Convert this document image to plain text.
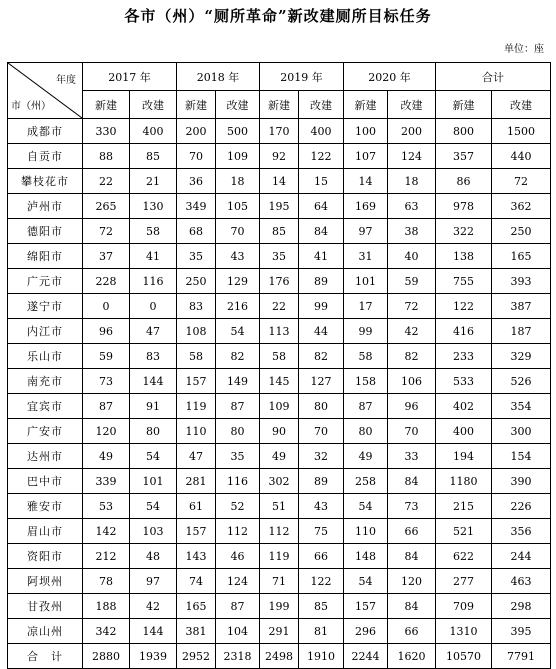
各市（州）“厕所革命”新改建厕所目标任务
单位：座
年度
市（州）	2017 年		2018 年		2019 年		2020 年		合计	
	新建	改建	新建	改建	新建	改建	新建	改建	新建	改建
成都市	330	400	200	500	170	400	100	200	800	1500
自贡市	88	85	70	109	92	122	107	124	357	440
攀枝花市	22	21	36	18	14	15	14	18	86	72
泸州市	265	130	349	105	195	64	169	63	978	362
德阳市	72	58	68	70	85	84	97	38	322	250
绵阳市	37	41	35	43	35	41	31	40	138	165
广元市	228	116	250	129	176	89	101	59	755	393
遂宁市	0	0	83	216	22	99	17	72	122	387
内江市	96	47	108	54	113	44	99	42	416	187
乐山市	59	83	58	82	58	82	58	82	233	329
南充市	73	144	157	149	145	127	158	106	533	526
宜宾市	87	91	119	87	109	80	87	96	402	354
广安市	120	80	110	80	90	70	80	70	400	300
达州市	49	54	47	35	49	32	49	33	194	154
巴中市	339	101	281	116	302	89	258	84	1180	390
雅安市	53	54	61	52	51	43	54	73	215	226
眉山市	142	103	157	112	112	75	110	66	521	356
资阳市	212	48	143	46	119	66	148	84	622	244
阿坝州	78	97	74	124	71	122	54	120	277	463
甘孜州	188	42	165	87	199	85	157	84	709	298
凉山州	342	144	381	104	291	81	296	66	1310	395
合　计	2880	1939	2952	2318	2498	1910	2244	1620	10570	7791
